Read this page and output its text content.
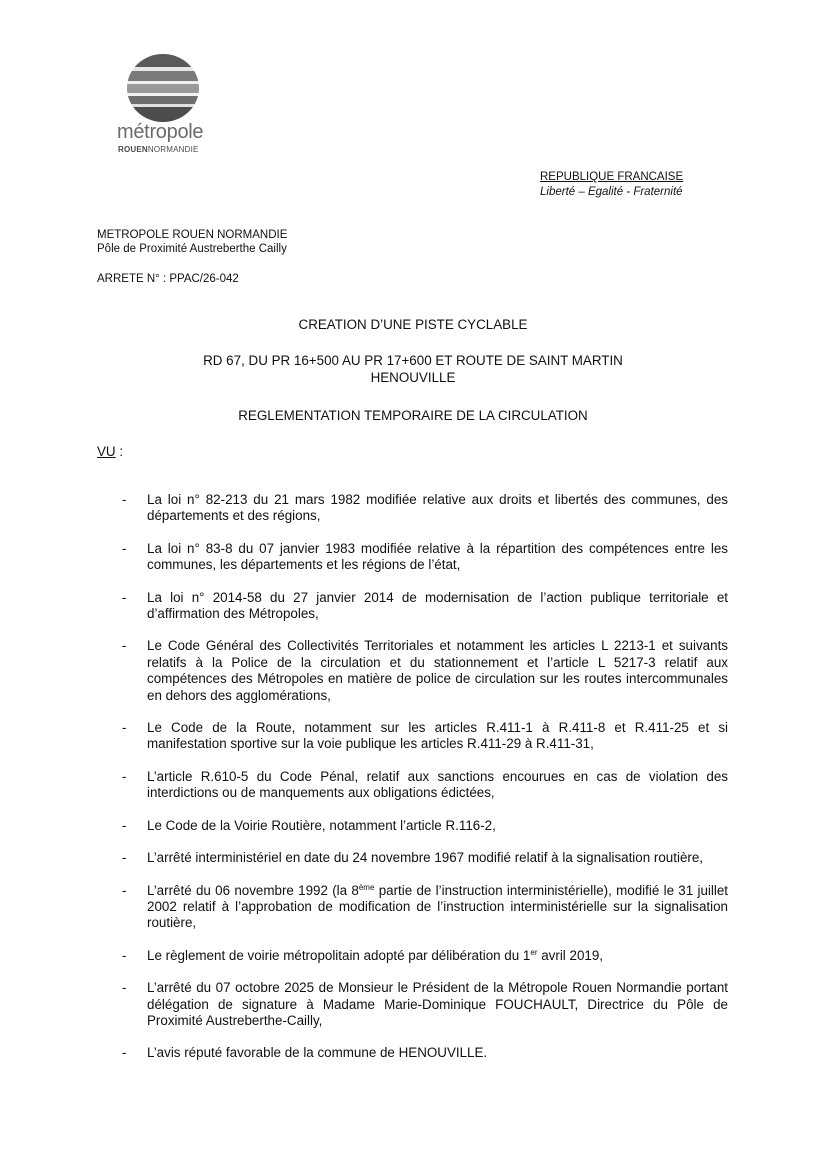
métropole
ROUENNORMANDIE
REPUBLIQUE FRANCAISE
Liberté – Egalité - Fraternité
METROPOLE ROUEN NORMANDIE
Pôle de Proximité Austreberthe Cailly
ARRETE N° : PPAC/26-042
CREATION D’UNE PISTE CYCLABLE
RD 67, DU PR 16+500 AU PR 17+600 ET ROUTE DE SAINT MARTIN
HENOUVILLE
REGLEMENTATION TEMPORAIRE DE LA CIRCULATION
VU :
- La loi n° 82-213 du 21 mars 1982 modifiée relative aux droits et libertés des communes, des départements et des régions,
- La loi n° 83-8 du 07 janvier 1983 modifiée relative à la répartition des compétences entre les communes, les départements et les régions de l’état,
- La loi n° 2014-58 du 27 janvier 2014 de modernisation de l’action publique territoriale et d’affirmation des Métropoles,
- Le Code Général des Collectivités Territoriales et notamment les articles L 2213-1 et suivants relatifs à la Police de la circulation et du stationnement et l’article L 5217-3 relatif aux compétences des Métropoles en matière de police de circulation sur les routes intercommunales en dehors des agglomérations,
- Le Code de la Route, notamment sur les articles R.411-1 à R.411-8 et R.411-25 et si manifestation sportive sur la voie publique les articles R.411-29 à R.411-31,
- L’article R.610-5 du Code Pénal, relatif aux sanctions encourues en cas de violation des interdictions ou de manquements aux obligations édictées,
- Le Code de la Voirie Routière, notamment l’article R.116-2,
- L’arrêté interministériel en date du 24 novembre 1967 modifié relatif à la signalisation routière,
- L’arrêté du 06 novembre 1992 (la 8ème partie de l’instruction interministérielle), modifié le 31 juillet 2002 relatif à l’approbation de modification de l’instruction interministérielle sur la signalisation routière,
- Le règlement de voirie métropolitain adopté par délibération du 1er avril 2019,
- L’arrêté du 07 octobre 2025 de Monsieur le Président de la Métropole Rouen Normandie portant délégation de signature à Madame Marie-Dominique FOUCHAULT, Directrice du Pôle de Proximité Austreberthe-Cailly,
- L’avis réputé favorable de la commune de HENOUVILLE.
